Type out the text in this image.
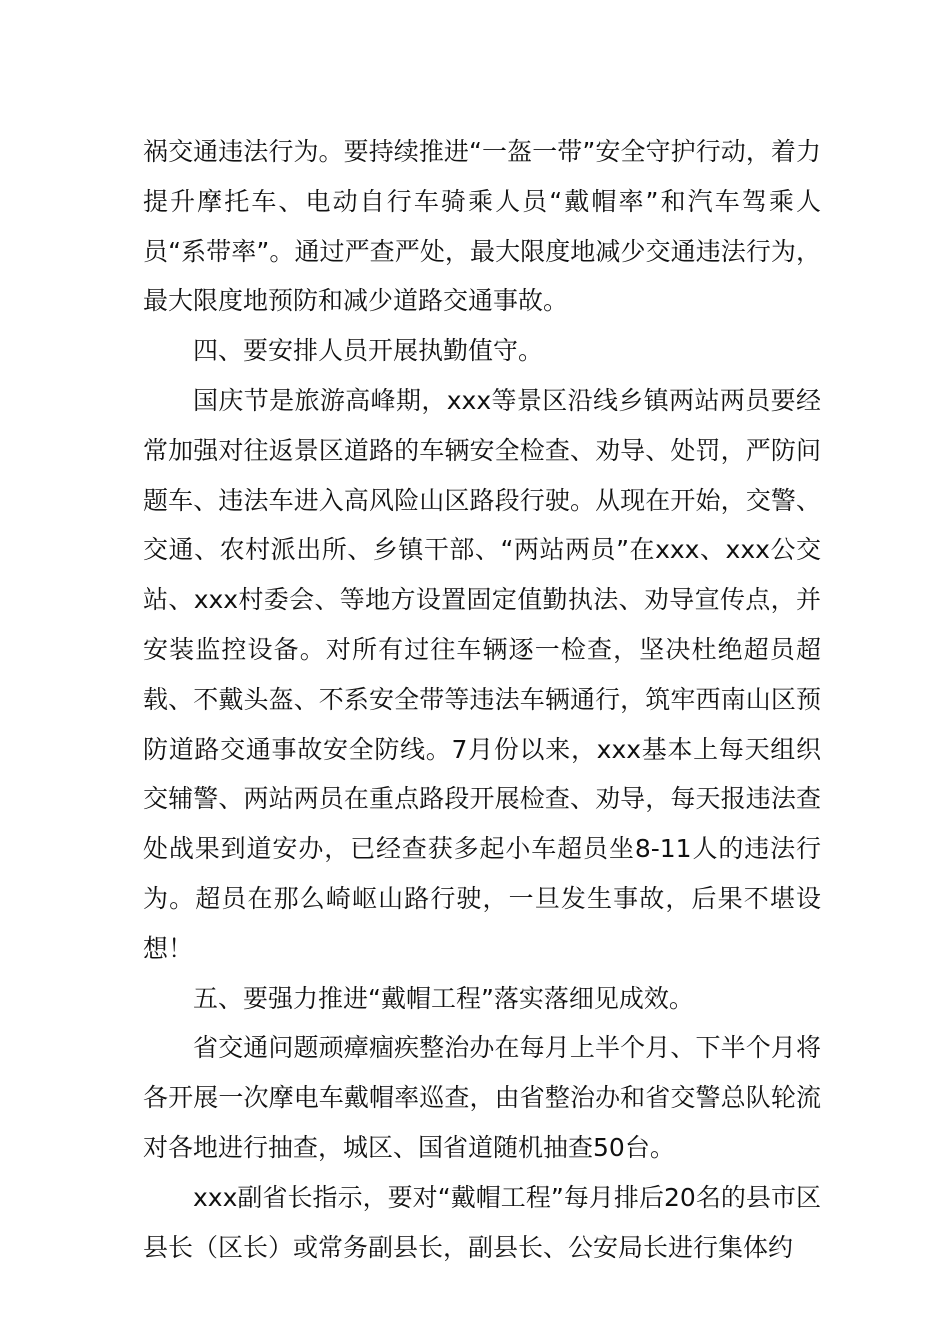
祸交通违法行为。要持续推进“一盔一带”安全守护行动，着力提升摩托车、电动自行车骑乘人员“戴帽率”和汽车驾乘人员“系带率”。通过严查严处，最大限度地减少交通违法行为，最大限度地预防和减少道路交通事故。

四、要安排人员开展执勤值守。

国庆节是旅游高峰期，xxx等景区沿线乡镇两站两员要经常加强对往返景区道路的车辆安全检查、劝导、处罚，严防问题车、违法车进入高风险山区路段行驶。从现在开始，交警、交通、农村派出所、乡镇干部、“两站两员”在xxx、xxx公交站、xxx村委会、等地方设置固定值勤执法、劝导宣传点，并安装监控设备。对所有过往车辆逐一检查，坚决杜绝超员超载、不戴头盔、不系安全带等违法车辆通行，筑牢西南山区预防道路交通事故安全防线。7月份以来，xxx基本上每天组织交辅警、两站两员在重点路段开展检查、劝导，每天报违法查处战果到道安办，已经查获多起小车超员坐8-11人的违法行为。超员在那么崎岖山路行驶，一旦发生事故，后果不堪设想！

五、要强力推进“戴帽工程”落实落细见成效。

省交通问题顽瘴痼疾整治办在每月上半个月、下半个月将各开展一次摩电车戴帽率巡查，由省整治办和省交警总队轮流对各地进行抽查，城区、国省道随机抽查50台。

xxx副省长指示，要对“戴帽工程”每月排后20名的县市区县长（区长）或常务副县长，副县长、公安局长进行集体约
